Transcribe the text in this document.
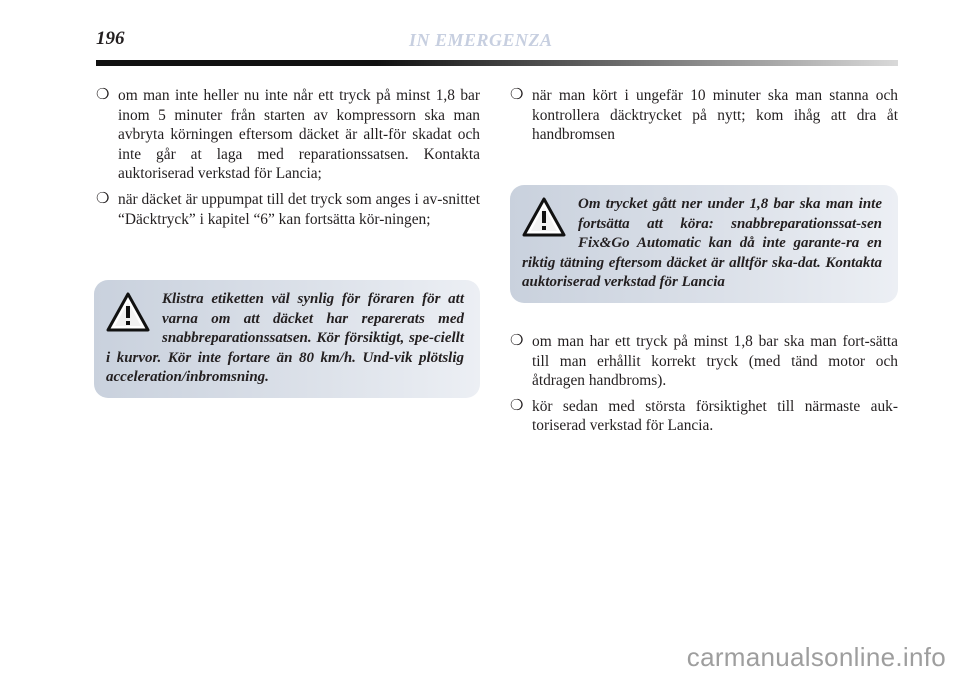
196	IN EMERGENZA
❍ om man inte heller nu inte når ett tryck på minst 1,8 bar inom 5 minuter från starten av kompressorn ska man avbryta körningen eftersom däcket är allt-för skadat och inte går at laga med reparationssatsen. Kontakta auktoriserad verkstad för Lancia;
❍ när däcket är uppumpat till det tryck som anges i av-snittet “Däcktryck” i kapitel “6” kan fortsätta kör-ningen;
Klistra etiketten väl synlig för föraren för att varna om att däcket har reparerats med snabbreparationssatsen. Kör försiktigt, spe-ciellt i kurvor. Kör inte fortare än 80 km/h. Und-vik plötslig acceleration/inbromsning.
❍ när man kört i ungefär 10 minuter ska man stanna och kontrollera däcktrycket på nytt; kom ihåg att dra åt handbromsen
Om trycket gått ner under 1,8 bar ska man inte fortsätta att köra: snabbreparationssat-sen Fix&Go Automatic kan då inte garante-ra en riktig tätning eftersom däcket är alltför ska-dat. Kontakta auktoriserad verkstad för Lancia
❍ om man har ett tryck på minst 1,8 bar ska man fort-sätta till man erhållit korrekt tryck (med tänd motor och åtdragen handbroms).
❍ kör sedan med största försiktighet till närmaste auk-toriserad verkstad för Lancia.
carmanualsonline.info
